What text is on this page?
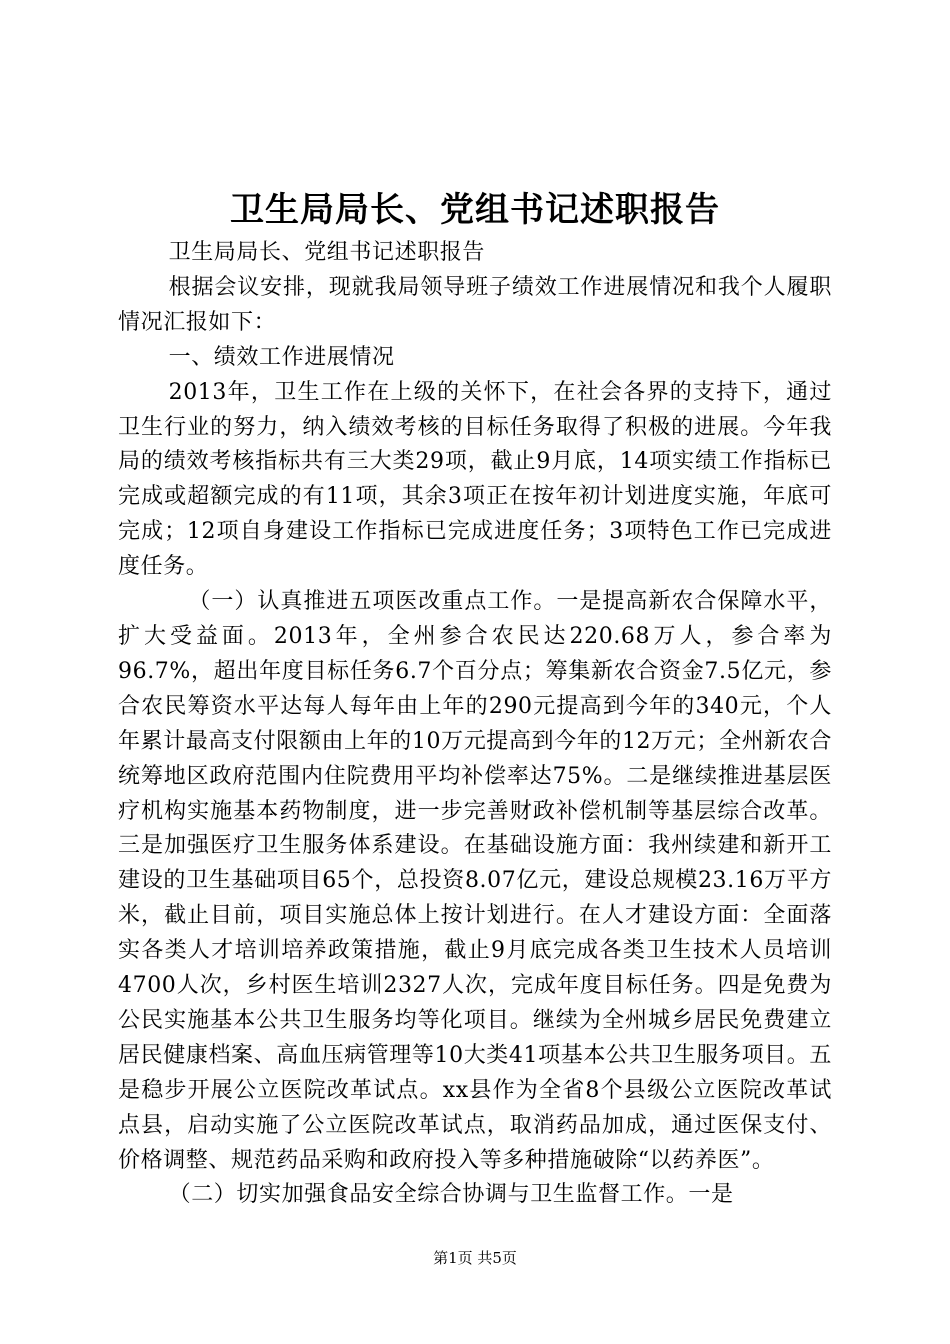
卫生局局长、党组书记述职报告

卫生局局长、党组书记述职报告

根据会议安排，现就我局领导班子绩效工作进展情况和我个人履职情况汇报如下：

一、绩效工作进展情况

2013年，卫生工作在上级的关怀下，在社会各界的支持下，通过卫生行业的努力，纳入绩效考核的目标任务取得了积极的进展。今年我局的绩效考核指标共有三大类29项，截止9月底，14项实绩工作指标已完成或超额完成的有11项，其余3项正在按年初计划进度实施，年底可完成；12项自身建设工作指标已完成进度任务；3项特色工作已完成进度任务。

（一）认真推进五项医改重点工作。一是提高新农合保障水平，扩大受益面。2013年，全州参合农民达220.68万人，参合率为96.7%，超出年度目标任务6.7个百分点；筹集新农合资金7.5亿元，参合农民筹资水平达每人每年由上年的290元提高到今年的340元，个人年累计最高支付限额由上年的10万元提高到今年的12万元；全州新农合统筹地区政府范围内住院费用平均补偿率达75%。二是继续推进基层医疗机构实施基本药物制度，进一步完善财政补偿机制等基层综合改革。三是加强医疗卫生服务体系建设。在基础设施方面：我州续建和新开工建设的卫生基础项目65个，总投资8.07亿元，建设总规模23.16万平方米，截止目前，项目实施总体上按计划进行。在人才建设方面：全面落实各类人才培训培养政策措施，截止9月底完成各类卫生技术人员培训4700人次，乡村医生培训2327人次，完成年度目标任务。四是免费为公民实施基本公共卫生服务均等化项目。继续为全州城乡居民免费建立居民健康档案、高血压病管理等10大类41项基本公共卫生服务项目。五是稳步开展公立医院改革试点。xx县作为全省8个县级公立医院改革试点县，启动实施了公立医院改革试点，取消药品加成，通过医保支付、价格调整、规范药品采购和政府投入等多种措施破除“以药养医”。

（二）切实加强食品安全综合协调与卫生监督工作。一是

第1页 共5页
